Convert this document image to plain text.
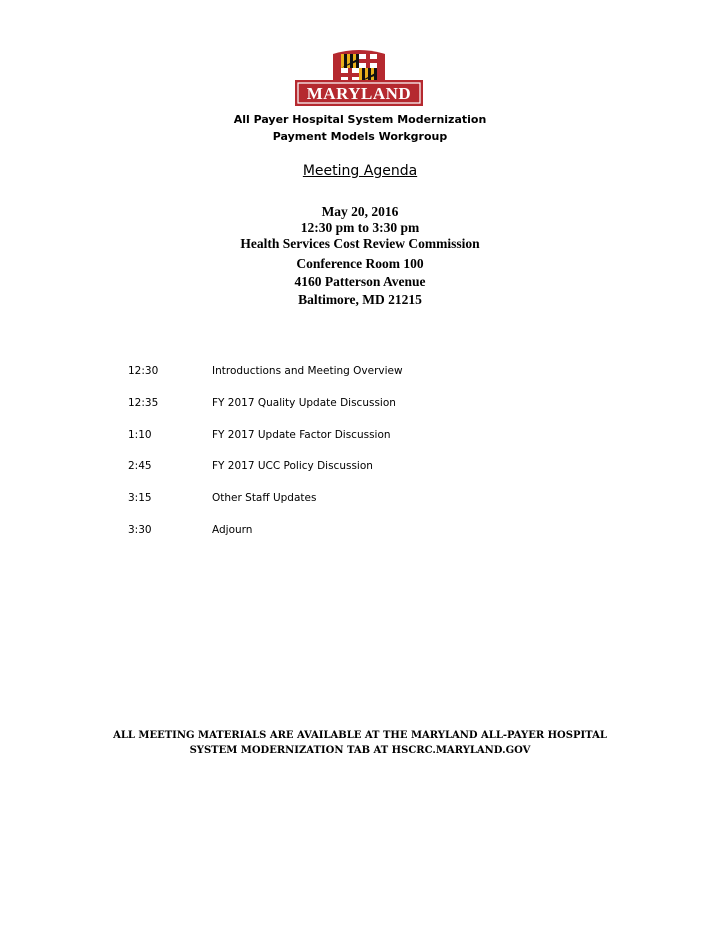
MARYLAND
All Payer Hospital System Modernization
Payment Models Workgroup
Meeting Agenda
May 20, 2016
12:30 pm to 3:30 pm
Health Services Cost Review Commission
Conference Room 100
4160 Patterson Avenue
Baltimore, MD 21215
12:30	Introductions and Meeting Overview
12:35	FY 2017 Quality Update Discussion
1:10	FY 2017 Update Factor Discussion
2:45	FY 2017 UCC Policy Discussion
3:15	Other Staff Updates
3:30	Adjourn
ALL MEETING MATERIALS ARE AVAILABLE AT THE MARYLAND ALL-PAYER HOSPITAL
SYSTEM MODERNIZATION TAB AT HSCRC.MARYLAND.GOV
